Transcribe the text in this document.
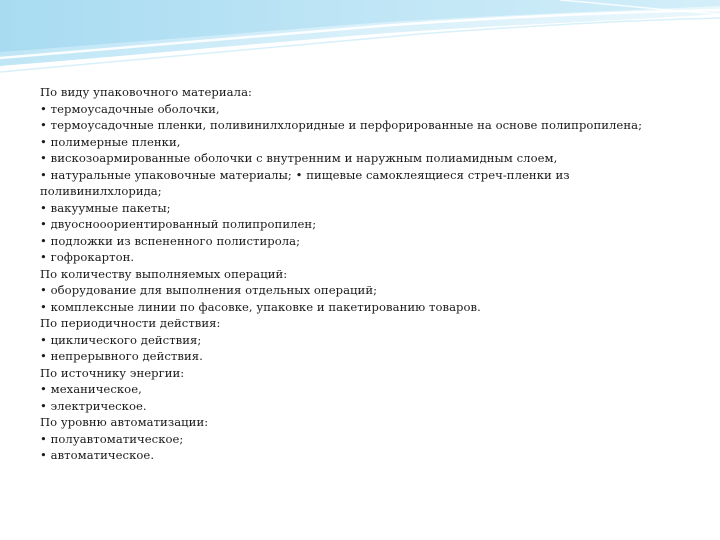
По виду упаковочного материала:
• термоусадочные оболочки,
• термоусадочные пленки, поливинилхлоридные и перфорированные на основе полипропилена;
• полимерные пленки,
• вискозоармированные оболочки с внутренним и наружным полиамидным слоем,
• натуральные упаковочные материалы; • пищевые самоклеящиеся стреч-пленки из
поливинилхлорида;
• вакуумные пакеты;
• двуоснооориентированный полипропилен;
• подложки из вспененного полистирола;
• гофрокартон.
По количеству выполняемых операций:
• оборудование для выполнения отдельных операций;
• комплексные линии по фасовке, упаковке и пакетированию товаров.
По периодичности действия:
• циклического действия;
• непрерывного действия.
По источнику энергии:
• механическое,
• электрическое.
По уровню автоматизации:
• полуавтоматическое;
• автоматическое.
